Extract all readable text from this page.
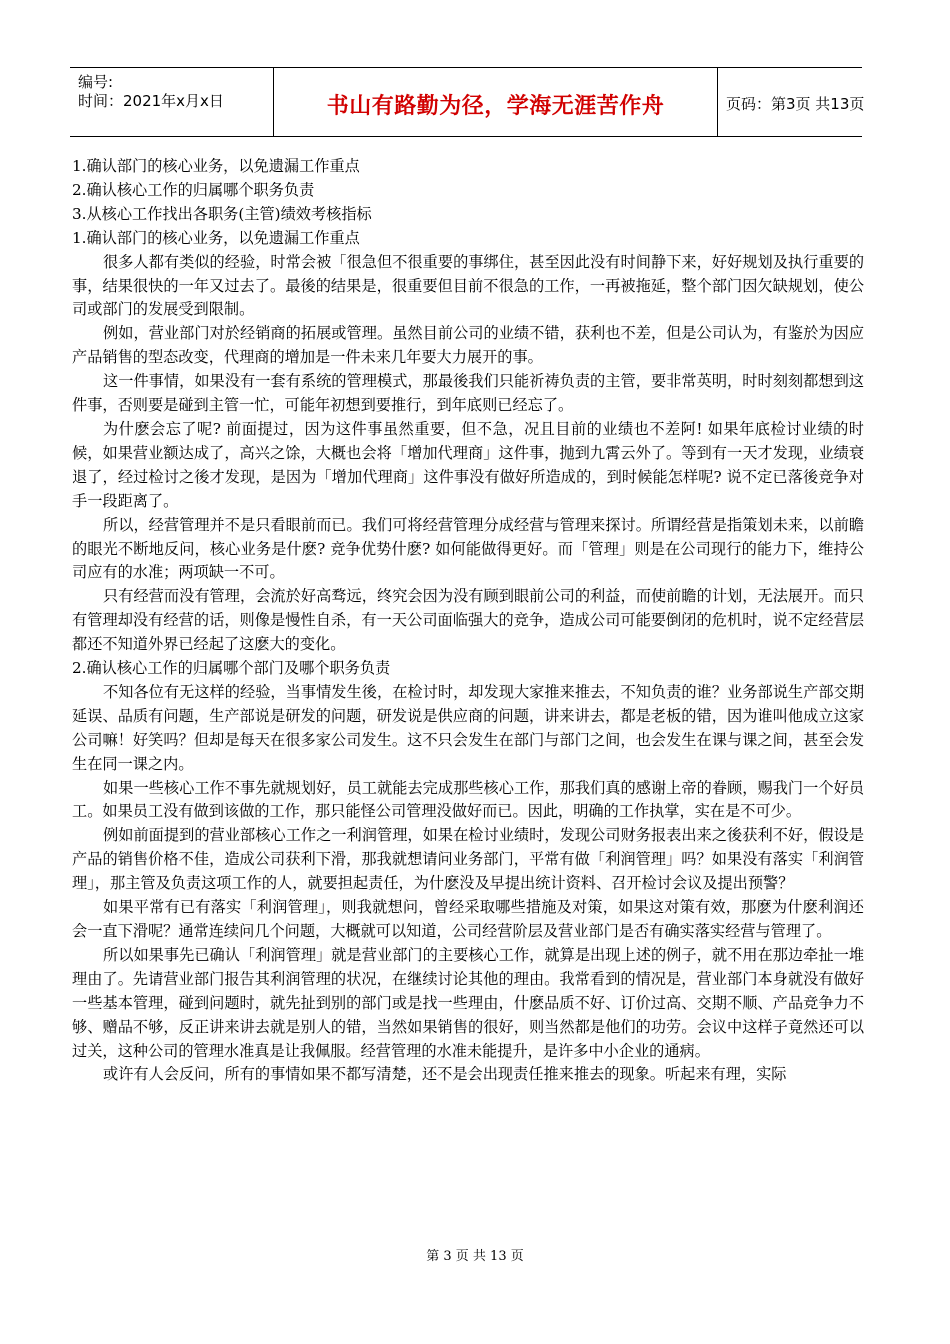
编号:
时间：2021年x月x日	书山有路勤为径，学海无涯苦作舟	页码：第3页 共13页
1.确认部门的核心业务，以免遗漏工作重点
2.确认核心工作的归属哪个职务负责
3.从核心工作找出各职务(主管)绩效考核指标
1.确认部门的核心业务，以免遗漏工作重点

很多人都有类似的经验，时常会被「很急但不很重要的事绑住，甚至因此没有时间静下来，好好规划及执行重要的事，结果很快的一年又过去了。最後的结果是，很重要但目前不很急的工作，一再被拖延，整个部门因欠缺规划，使公司或部门的发展受到限制。

例如，营业部门对於经销商的拓展或管理。虽然目前公司的业绩不错，获利也不差，但是公司认为，有鉴於为因应产品销售的型态改变，代理商的增加是一件未来几年要大力展开的事。

这一件事情，如果没有一套有系统的管理模式，那最後我们只能祈祷负责的主管，要非常英明，时时刻刻都想到这件事，否则要是碰到主管一忙，可能年初想到要推行，到年底则已经忘了。

为什麽会忘了呢? 前面提过，因为这件事虽然重要，但不急，况且目前的业绩也不差阿! 如果年底检讨业绩的时候，如果营业额达成了，高兴之馀，大概也会将「增加代理商」这件事，抛到九霄云外了。等到有一天才发现，业绩衰退了，经过检讨之後才发现，是因为「增加代理商」这件事没有做好所造成的，到时候能怎样呢? 说不定已落後竞争对手一段距离了。

所以，经营管理并不是只看眼前而已。我们可将经营管理分成经营与管理来探讨。所谓经营是指策划未来，以前瞻的眼光不断地反问，核心业务是什麽? 竞争优势什麽? 如何能做得更好。而「管理」则是在公司现行的能力下，维持公司应有的水准；两项缺一不可。

只有经营而没有管理，会流於好高骛远，终究会因为没有顾到眼前公司的利益，而使前瞻的计划，无法展开。而只有管理却没有经营的话，则像是慢性自杀，有一天公司面临强大的竞争，造成公司可能要倒闭的危机时，说不定经营层都还不知道外界已经起了这麽大的变化。

2.确认核心工作的归属哪个部门及哪个职务负责

不知各位有无这样的经验，当事情发生後，在检讨时，却发现大家推来推去，不知负责的谁？业务部说生产部交期延误、品质有问题，生产部说是研发的问题，研发说是供应商的问题，讲来讲去，都是老板的错，因为谁叫他成立这家公司嘛！好笑吗？但却是每天在很多家公司发生。这不只会发生在部门与部门之间，也会发生在课与课之间，甚至会发生在同一课之内。

如果一些核心工作不事先就规划好，员工就能去完成那些核心工作，那我们真的感谢上帝的眷顾，赐我门一个好员工。如果员工没有做到该做的工作，那只能怪公司管理没做好而已。因此，明确的工作执掌，实在是不可少。

例如前面提到的营业部核心工作之一利润管理，如果在检讨业绩时，发现公司财务报表出来之後获利不好，假设是产品的销售价格不佳，造成公司获利下滑，那我就想请问业务部门，平常有做「利润管理」吗？如果没有落实「利润管理」，那主管及负责这项工作的人，就要担起责任，为什麽没及早提出统计资料、召开检讨会议及提出预警？

如果平常有已有落实「利润管理」，则我就想问，曾经采取哪些措施及对策，如果这对策有效，那麽为什麽利润还会一直下滑呢？通常连续问几个问题，大概就可以知道，公司经营阶层及营业部门是否有确实落实经营与管理了。

所以如果事先已确认「利润管理」就是营业部门的主要核心工作，就算是出现上述的例子，就不用在那边牵扯一堆理由了。先请营业部门报告其利润管理的状况，在继续讨论其他的理由。我常看到的情况是，营业部门本身就没有做好一些基本管理，碰到问题时，就先扯到别的部门或是找一些理由，什麽品质不好、订价过高、交期不顺、产品竞争力不够、赠品不够，反正讲来讲去就是别人的错，当然如果销售的很好，则当然都是他们的功劳。会议中这样子竟然还可以过关，这种公司的管理水准真是让我佩服。经营管理的水准未能提升，是许多中小企业的通病。

或许有人会反问，所有的事情如果不都写清楚，还不是会出现责任推来推去的现象。听起来有理，实际

第 3 页 共 13 页
